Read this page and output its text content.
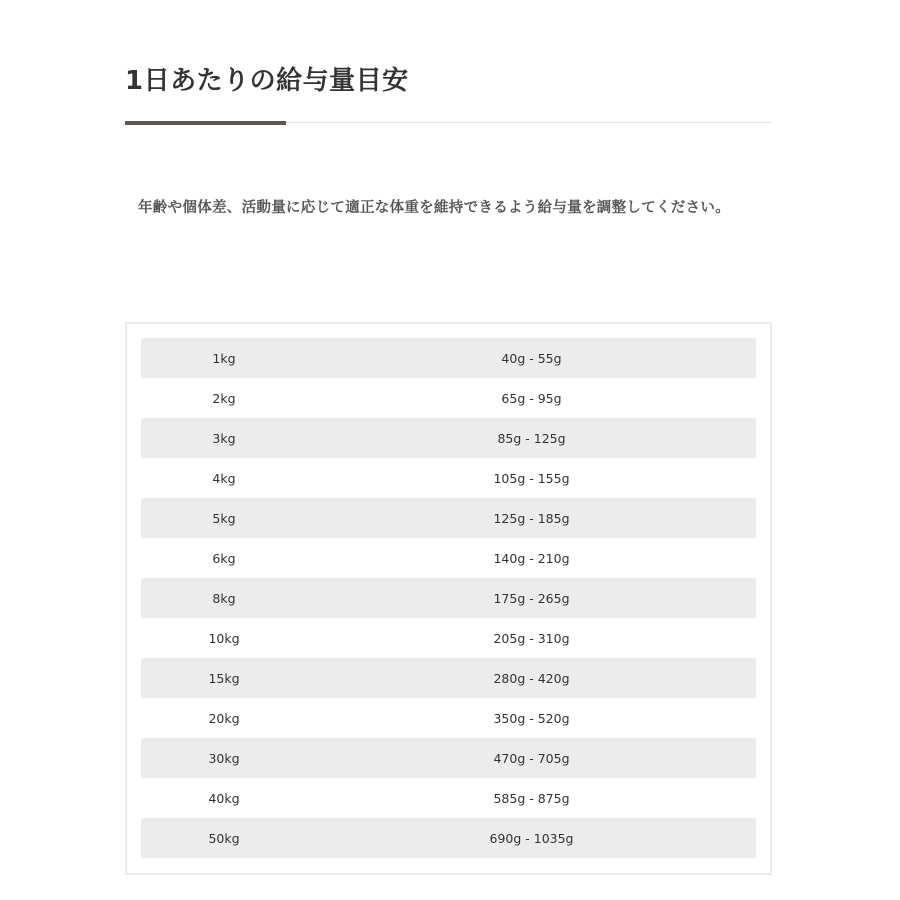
1日あたりの給与量目安

年齢や個体差、活動量に応じて適正な体重を維持できるよう給与量を調整してください。

1kg	40g - 55g
2kg	65g - 95g
3kg	85g - 125g
4kg	105g - 155g
5kg	125g - 185g
6kg	140g - 210g
8kg	175g - 265g
10kg	205g - 310g
15kg	280g - 420g
20kg	350g - 520g
30kg	470g - 705g
40kg	585g - 875g
50kg	690g - 1035g
